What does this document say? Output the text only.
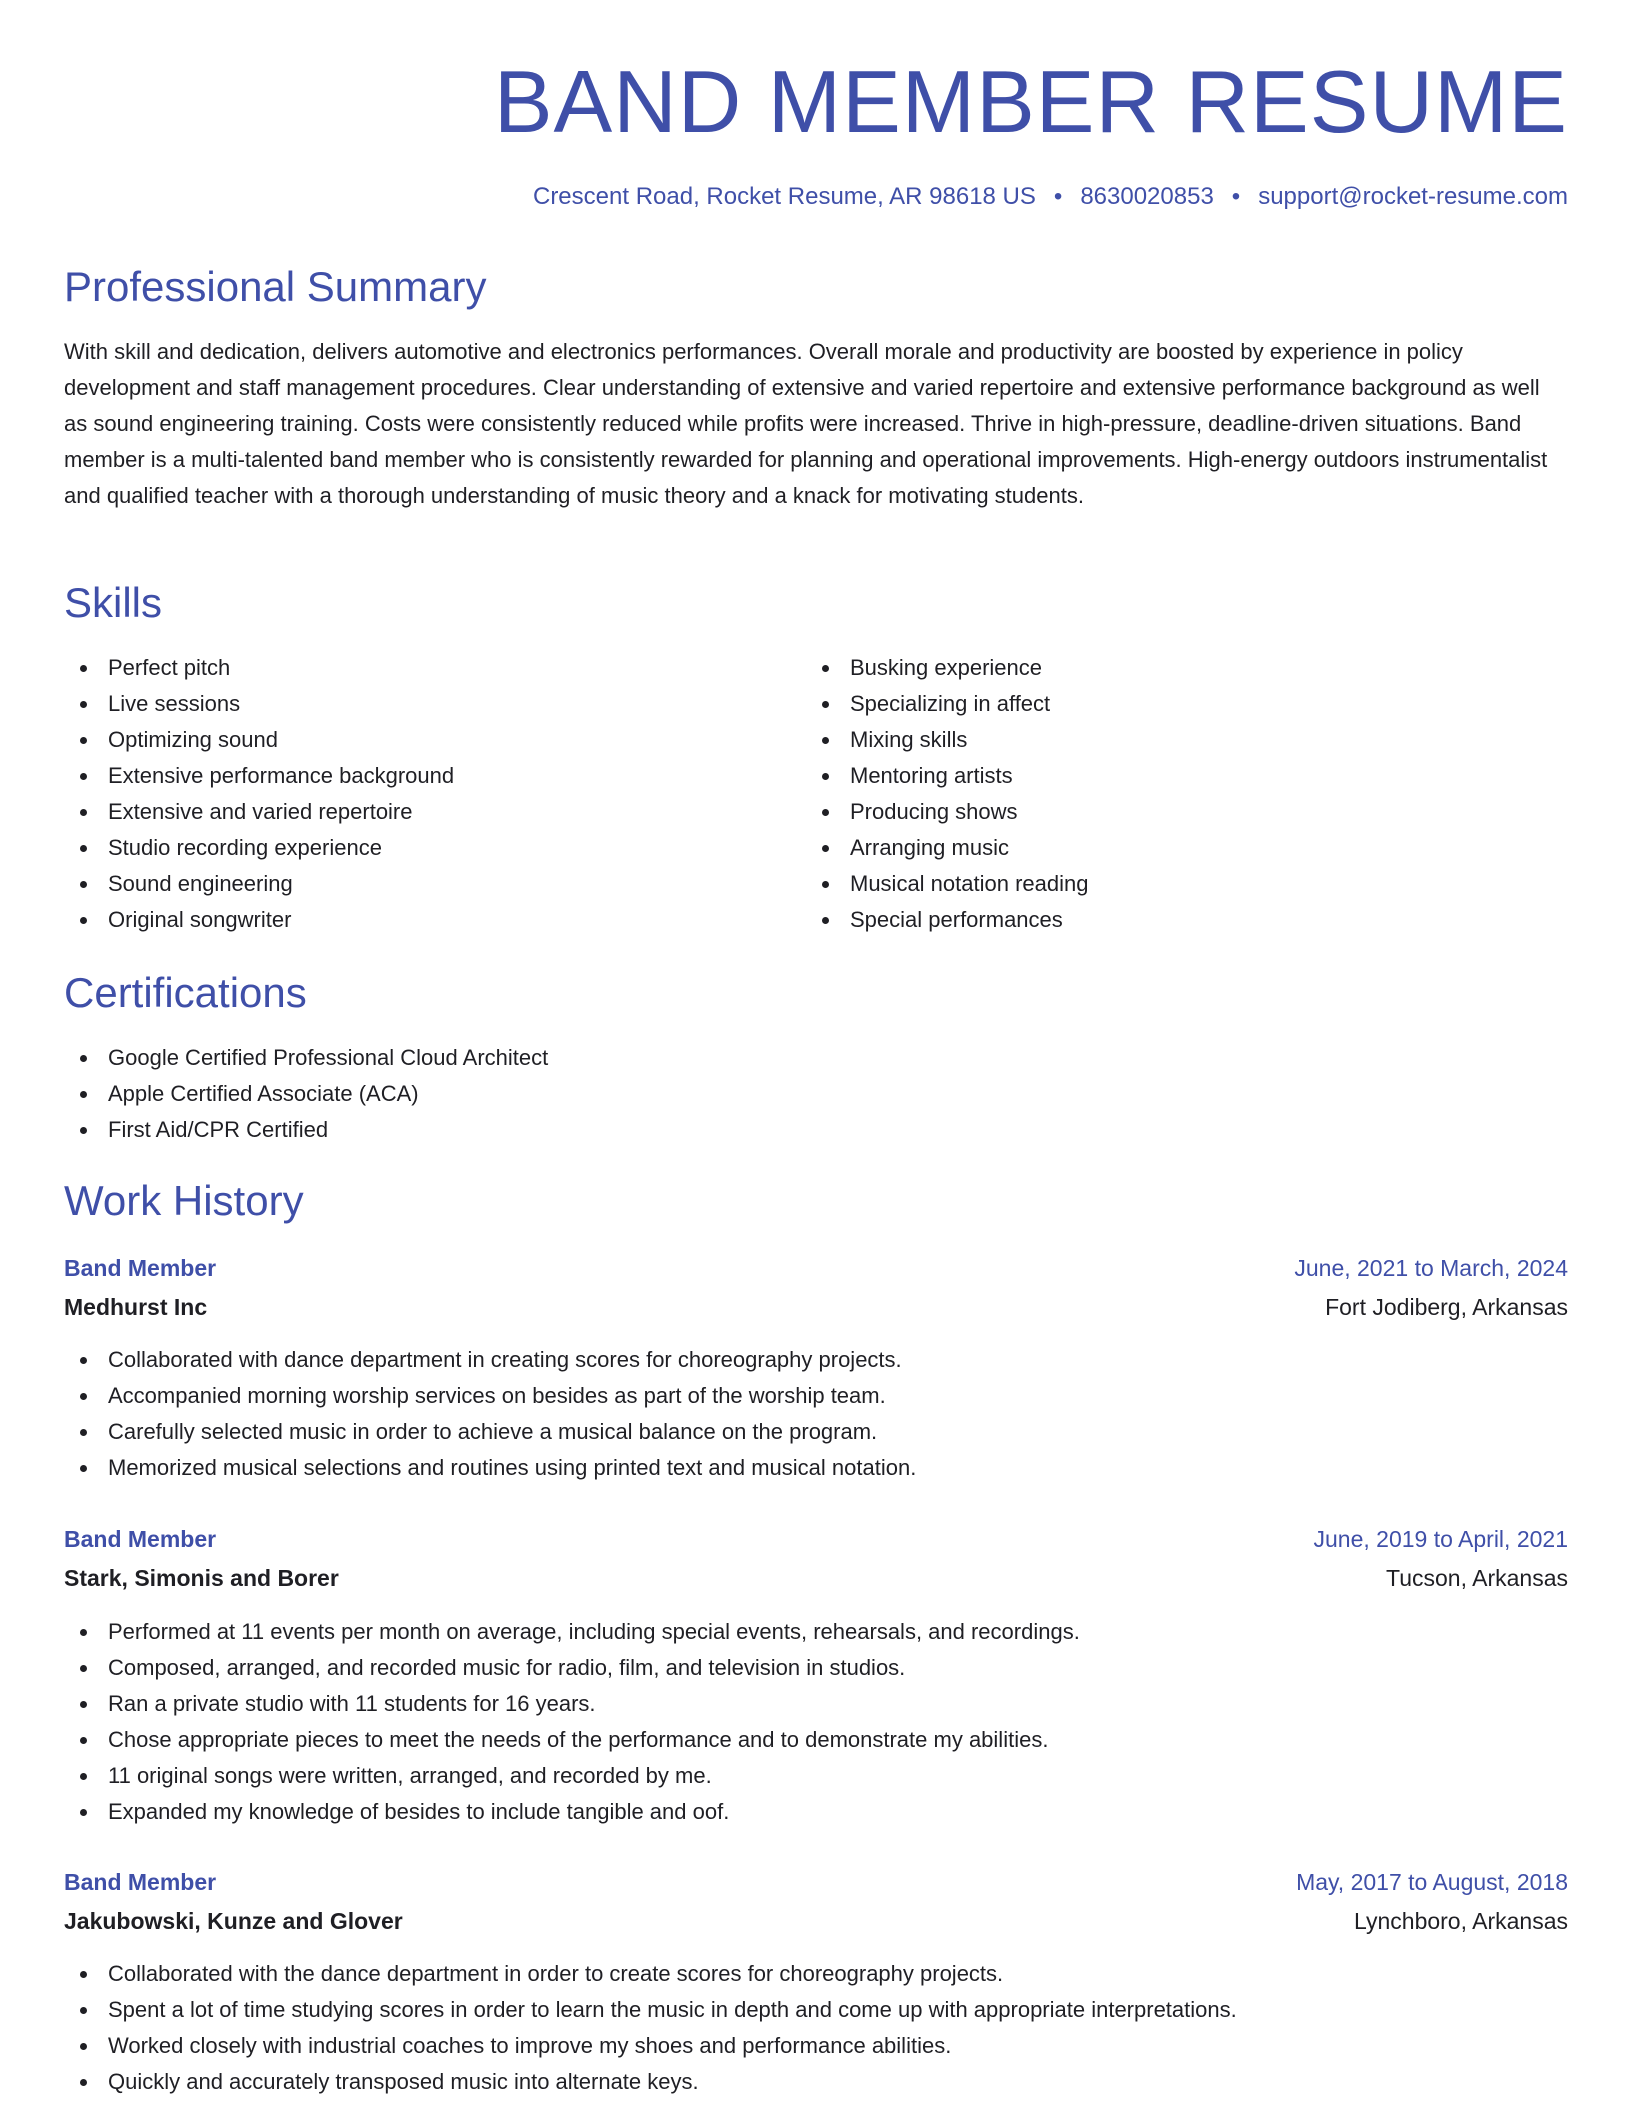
BAND MEMBER RESUME
Crescent Road, Rocket Resume, AR 98618 US • 8630020853 • support@rocket-resume.com
Professional Summary

With skill and dedication, delivers automotive and electronics performances. Overall morale and productivity are boosted by experience in policy development and staff management procedures. Clear understanding of extensive and varied repertoire and extensive performance background as well as sound engineering training. Costs were consistently reduced while profits were increased. Thrive in high-pressure, deadline-driven situations. Band member is a multi-talented band member who is consistently rewarded for planning and operational improvements. High-energy outdoors instrumentalist and qualified teacher with a thorough understanding of music theory and a knack for motivating students.

Skills
Perfect pitch
Live sessions
Optimizing sound
Extensive performance background
Extensive and varied repertoire
Studio recording experience
Sound engineering
Original songwriter
Busking experience
Specializing in affect
Mixing skills
Mentoring artists
Producing shows
Arranging music
Musical notation reading
Special performances
Certifications
Google Certified Professional Cloud Architect
Apple Certified Associate (ACA)
First Aid/CPR Certified
Work History
Band Member	June, 2021 to March, 2024
Medhurst Inc	Fort Jodiberg, Arkansas
Collaborated with dance department in creating scores for choreography projects.
Accompanied morning worship services on besides as part of the worship team.
Carefully selected music in order to achieve a musical balance on the program.
Memorized musical selections and routines using printed text and musical notation.
Band Member	June, 2019 to April, 2021
Stark, Simonis and Borer	Tucson, Arkansas
Performed at 11 events per month on average, including special events, rehearsals, and recordings.
Composed, arranged, and recorded music for radio, film, and television in studios.
Ran a private studio with 11 students for 16 years.
Chose appropriate pieces to meet the needs of the performance and to demonstrate my abilities.
11 original songs were written, arranged, and recorded by me.
Expanded my knowledge of besides to include tangible and oof.
Band Member	May, 2017 to August, 2018
Jakubowski, Kunze and Glover	Lynchboro, Arkansas
Collaborated with the dance department in order to create scores for choreography projects.
Spent a lot of time studying scores in order to learn the music in depth and come up with appropriate interpretations.
Worked closely with industrial coaches to improve my shoes and performance abilities.
Quickly and accurately transposed music into alternate keys.
